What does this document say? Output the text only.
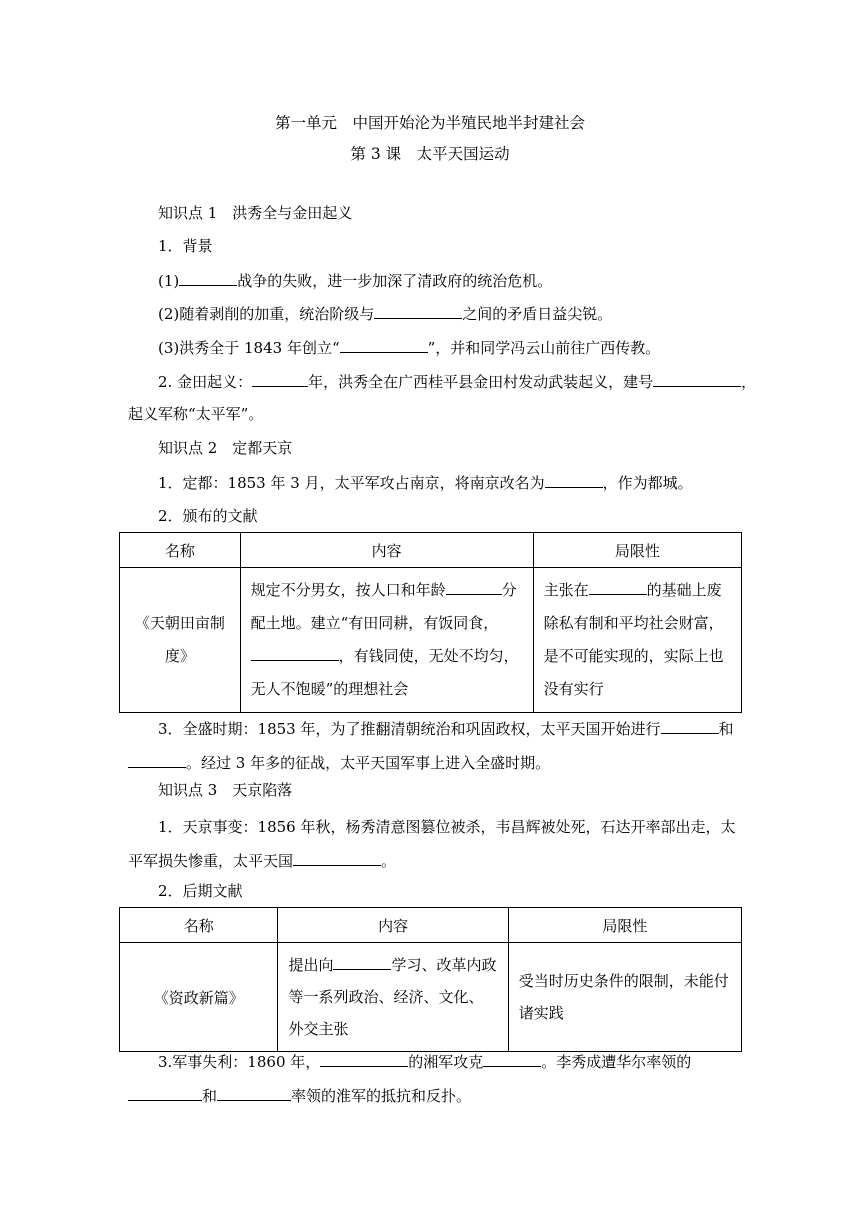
第一单元　中国开始沦为半殖民地半封建社会
第 3 课　太平天国运动
知识点 1　洪秀全与金田起义
1．背景
(1)	战争的失败，进一步加深了清政府的统治危机。
(2)随着剥削的加重，统治阶级与	之间的矛盾日益尖锐。
(3)洪秀全于 1843 年创立“	”，并和同学冯云山前往广西传教。
2. 金田起义：	年，洪秀全在广西桂平县金田村发动武装起义，建号	，
起义军称“太平军”。
知识点 2　定都天京
1．定都：1853 年 3 月，太平军攻占南京，将南京改名为	，作为都城。
2．颁布的文献
名称	内容	局限性
《天朝田亩制度》	规定不分男女，按人口和年龄 分配土地。建立“有田同耕，有饭同食，，有钱同使，无处不均匀，无人不饱暖”的理想社会	主张在 的基础上废除私有制和平均社会财富，是不可能实现的，实际上也没有实行
3．全盛时期：1853 年，为了推翻清朝统治和巩固政权，太平天国开始进行	和。经过 3 年多的征战，太平天国军事上进入全盛时期。
知识点 3　天京陷落
1．天京事变：1856 年秋，杨秀清意图篡位被杀，韦昌辉被处死，石达开率部出走，太平军损失惨重，太平天国	。
2．后期文献
名称	内容	局限性
《资政新篇》	提出向 学习、改革内政等一系列政治、经济、文化、外交主张	受当时历史条件的限制，未能付诸实践
3.军事失利：1860 年，	的湘军攻克	。李秀成遭华尔率领的和	率领的淮军的抵抗和反扑。
